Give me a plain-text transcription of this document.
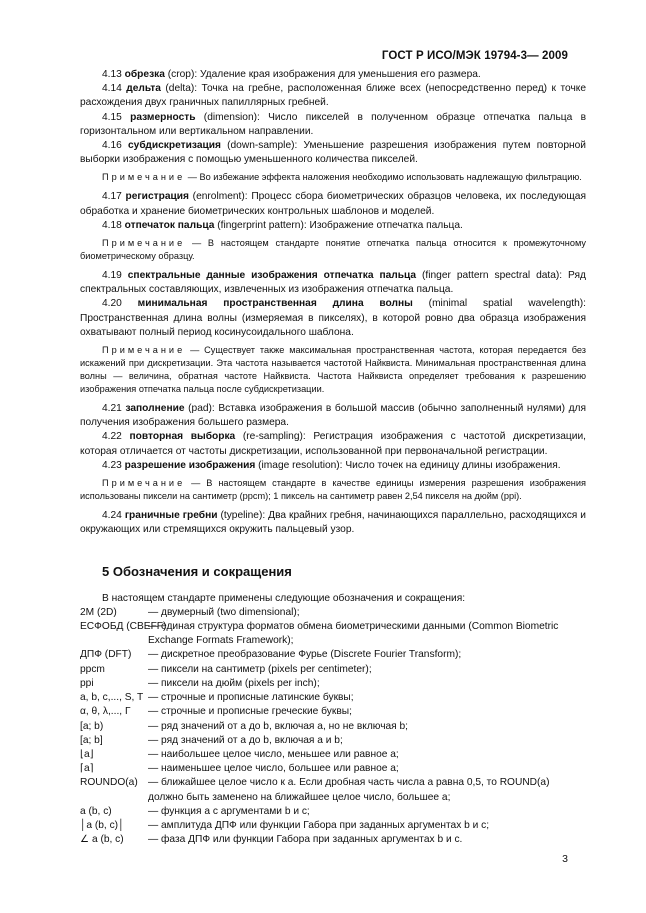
ГОСТ Р ИСО/МЭК 19794-3— 2009

4.13 обрезка (crop): Удаление края изображения для уменьшения его размера.

4.14 дельта (delta): Точка на гребне, расположенная ближе всех (непосредственно перед) к точке расхождения двух граничных папиллярных гребней.

4.15 размерность (dimension): Число пикселей в полученном образце отпечатка пальца в горизонтальном или вертикальном направлении.

4.16 субдискретизация (down-sample): Уменьшение разрешения изображения путем повторной выборки изображения с помощью уменьшенного количества пикселей.

Примечание — Во избежание эффекта наложения необходимо использовать надлежащую фильтрацию.

4.17 регистрация (enrolment): Процесс сбора биометрических образцов человека, их последующая обработка и хранение биометрических контрольных шаблонов и моделей.

4.18 отпечаток пальца (fingerprint pattern): Изображение отпечатка пальца.

Примечание — В настоящем стандарте понятие отпечатка пальца относится к промежуточному биометрическому образцу.

4.19 спектральные данные изображения отпечатка пальца (finger pattern spectral data): Ряд спектральных составляющих, извлеченных из изображения отпечатка пальца.

4.20 минимальная пространственная длина волны (minimal spatial wavelength): Пространственная длина волны (измеряемая в пикселях), в которой ровно два образца изображения охватывают полный период косинусоидального шаблона.

Примечание — Существует также максимальная пространственная частота, которая передается без искажений при дискретизации. Эта частота называется частотой Найквиста. Минимальная пространственная длина волны — величина, обратная частоте Найквиста. Частота Найквиста определяет требования к разрешению изображения отпечатка пальца после субдискретизации.

4.21 заполнение (pad): Вставка изображения в большой массив (обычно заполненный нулями) для получения изображения большего размера.

4.22 повторная выборка (re-sampling): Регистрация изображения с частотой дискретизации, которая отличается от частоты дискретизации, использованной при первоначальной регистрации.

4.23 разрешение изображения (image resolution): Число точек на единицу длины изображения.

Примечание — В настоящем стандарте в качестве единицы измерения разрешения изображения использованы пиксели на сантиметр (ppcm); 1 пиксель на сантиметр равен 2,54 пикселя на дюйм (ppi).

4.24 граничные гребни (typeline): Два крайних гребня, начинающихся параллельно, расходящихся и окружающих или стремящихся окружить пальцевый узор.

5 Обозначения и сокращения

В настоящем стандарте применены следующие обозначения и сокращения:

2М (2D)	— двумерный (two dimensional);
ЕСФОБД (CBEFF)
— единая структура форматов обмена биометрическими данными (Common Biometric Exchange Formats Framework);
ДПФ (DFT)	— дискретное преобразование Фурье (Discrete Fourier Transform);
ppcm	— пиксели на сантиметр (pixels per centimeter);
ppi	— пиксели на дюйм (pixels per inch);
a, b, c,..., S, T — строчные и прописные латинские буквы;
α, θ, λ,..., Γ	— строчные и прописные греческие буквы;
[a; b)	— ряд значений от a до b, включая a, но не включая b;
[a; b]	— ряд значений от a до b, включая a и b;
⌊a⌋	— наибольшее целое число, меньшее или равное a;
⌈a⌉	— наименьшее целое число, большее или равное a;
ROUNDO(a)	— ближайшее целое число к a. Если дробная часть числа a равна 0,5, то ROUND(a) должно быть заменено на ближайшее целое число, большее a;
a (b, c)	— функция a с аргументами b и c;
│a (b, c)│	— амплитуда ДПФ или функции Габора при заданных аргументах b и c;
∠ a (b, c)	— фаза ДПФ или функции Габора при заданных аргументах b и c.
3
